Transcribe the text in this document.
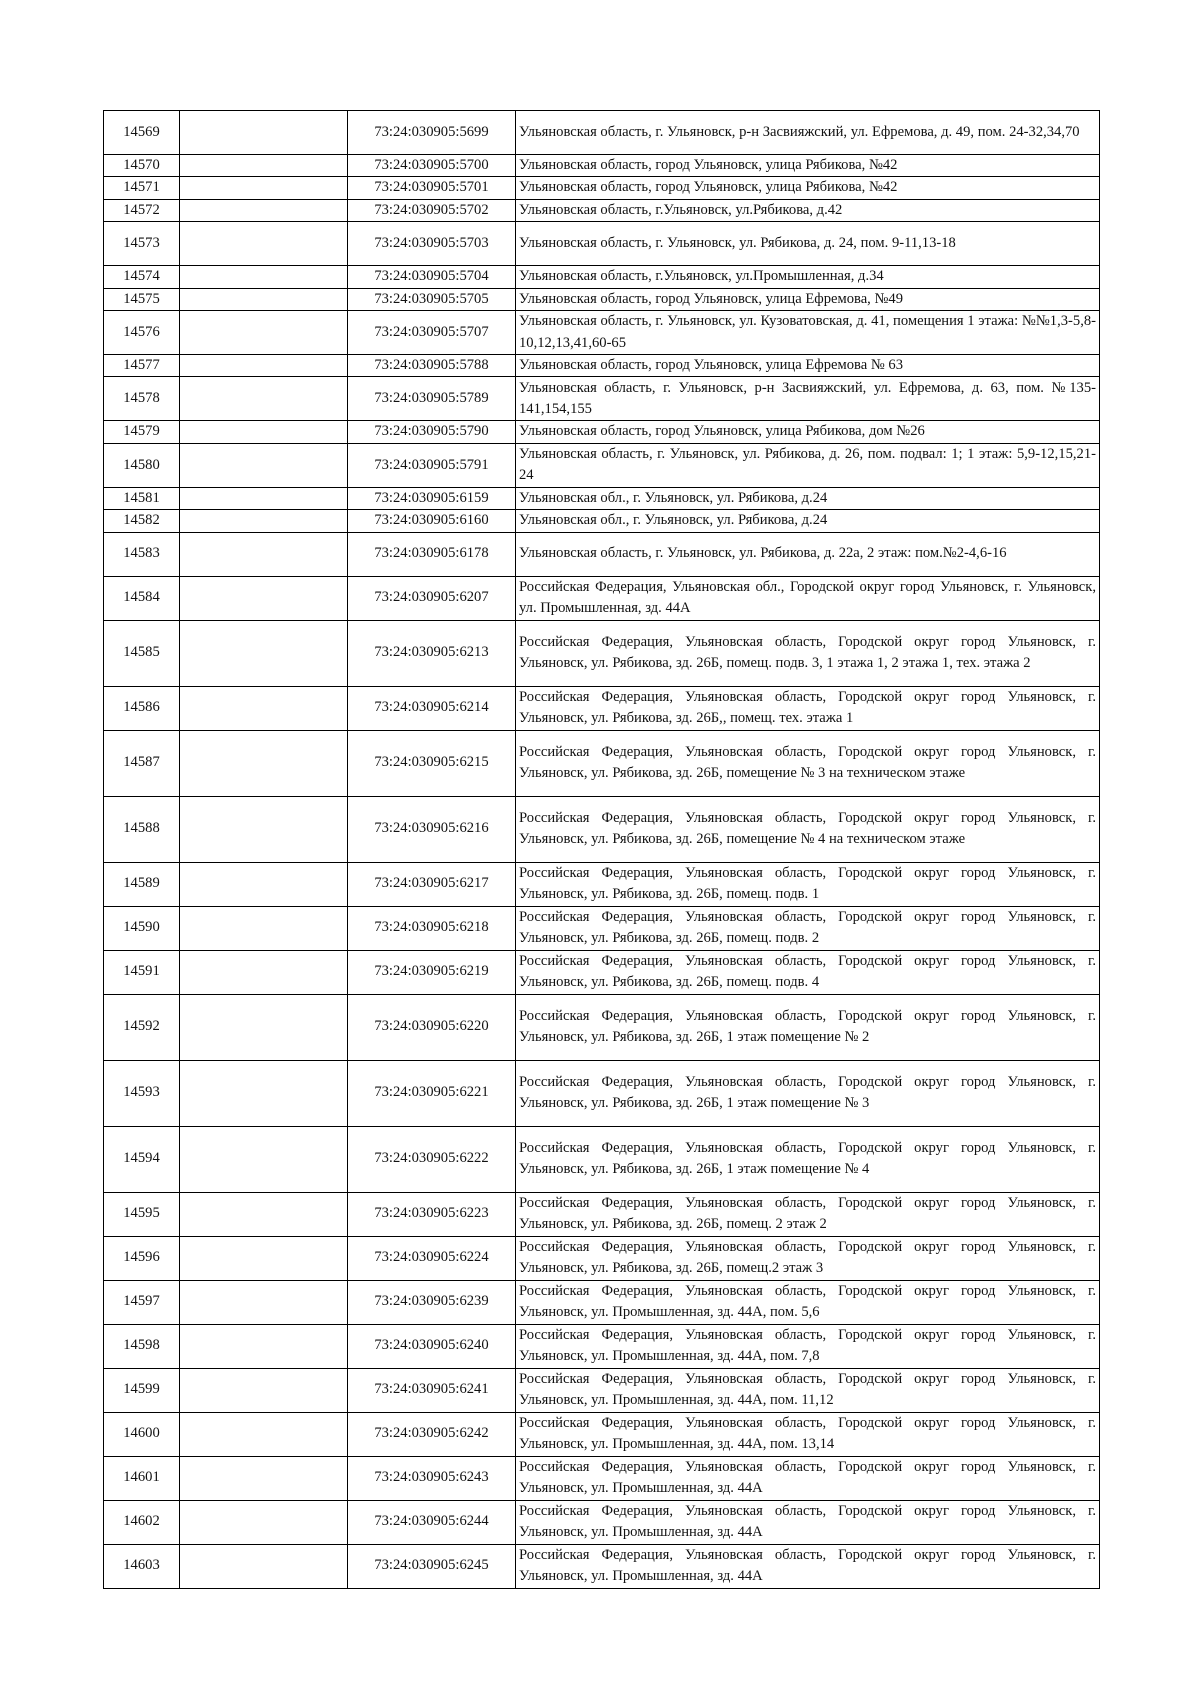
14569		73:24:030905:5699	Ульяновская область, г. Ульяновск, р-н Засвияжский, ул. Ефремова, д. 49, пом. 24-32,34,70
14570		73:24:030905:5700	Ульяновская область, город Ульяновск, улица Рябикова, №42
14571		73:24:030905:5701	Ульяновская область, город Ульяновск, улица Рябикова, №42
14572		73:24:030905:5702	Ульяновская область, г.Ульяновск, ул.Рябикова, д.42
14573		73:24:030905:5703	Ульяновская область, г. Ульяновск, ул. Рябикова, д. 24, пом. 9-11,13-18
14574		73:24:030905:5704	Ульяновская область, г.Ульяновск, ул.Промышленная, д.34
14575		73:24:030905:5705	Ульяновская область, город Ульяновск, улица Ефремова, №49
14576		73:24:030905:5707	Ульяновская область, г. Ульяновск, ул. Кузоватовская, д. 41, помещения 1 этажа: №№1,3-5,8-10,12,13,41,60-65
14577		73:24:030905:5788	Ульяновская область, город Ульяновск, улица Ефремова № 63
14578		73:24:030905:5789	Ульяновская область, г. Ульяновск, р-н Засвияжский, ул. Ефремова, д. 63, пом. №135-141,154,155
14579		73:24:030905:5790	Ульяновская область, город Ульяновск, улица Рябикова, дом №26
14580		73:24:030905:5791	Ульяновская область, г. Ульяновск, ул. Рябикова, д. 26, пом. подвал: 1; 1 этаж: 5,9-12,15,21-24
14581		73:24:030905:6159	Ульяновская обл., г. Ульяновск, ул. Рябикова, д.24
14582		73:24:030905:6160	Ульяновская обл., г. Ульяновск, ул. Рябикова, д.24
14583		73:24:030905:6178	Ульяновская область, г. Ульяновск, ул. Рябикова, д. 22а, 2 этаж: пом.№2-4,6-16
14584		73:24:030905:6207	Российская Федерация, Ульяновская обл., Городской округ город Ульяновск, г. Ульяновск, ул. Промышленная, зд. 44А
14585		73:24:030905:6213	Российская Федерация, Ульяновская область, Городской округ город Ульяновск, г. Ульяновск, ул. Рябикова, зд. 26Б, помещ. подв. 3, 1 этажа 1, 2 этажа 1, тех. этажа 2
14586		73:24:030905:6214	Российская Федерация, Ульяновская область, Городской округ город Ульяновск, г. Ульяновск, ул. Рябикова, зд. 26Б,, помещ. тех. этажа 1
14587		73:24:030905:6215	Российская Федерация, Ульяновская область, Городской округ город Ульяновск, г. Ульяновск, ул. Рябикова, зд. 26Б, помещение № 3 на техническом этаже
14588		73:24:030905:6216	Российская Федерация, Ульяновская область, Городской округ город Ульяновск, г. Ульяновск, ул. Рябикова, зд. 26Б, помещение № 4 на техническом этаже
14589		73:24:030905:6217	Российская Федерация, Ульяновская область, Городской округ город Ульяновск, г. Ульяновск, ул. Рябикова, зд. 26Б, помещ. подв. 1
14590		73:24:030905:6218	Российская Федерация, Ульяновская область, Городской округ город Ульяновск, г. Ульяновск, ул. Рябикова, зд. 26Б, помещ. подв. 2
14591		73:24:030905:6219	Российская Федерация, Ульяновская область, Городской округ город Ульяновск, г. Ульяновск, ул. Рябикова, зд. 26Б, помещ. подв. 4
14592		73:24:030905:6220	Российская Федерация, Ульяновская область, Городской округ город Ульяновск, г. Ульяновск, ул. Рябикова, зд. 26Б, 1 этаж помещение № 2
14593		73:24:030905:6221	Российская Федерация, Ульяновская область, Городской округ город Ульяновск, г. Ульяновск, ул. Рябикова, зд. 26Б, 1 этаж помещение № 3
14594		73:24:030905:6222	Российская Федерация, Ульяновская область, Городской округ город Ульяновск, г. Ульяновск, ул. Рябикова, зд. 26Б, 1 этаж помещение № 4
14595		73:24:030905:6223	Российская Федерация, Ульяновская область, Городской округ город Ульяновск, г. Ульяновск, ул. Рябикова, зд. 26Б, помещ. 2 этаж 2
14596		73:24:030905:6224	Российская Федерация, Ульяновская область, Городской округ город Ульяновск, г. Ульяновск, ул. Рябикова, зд. 26Б, помещ.2 этаж 3
14597		73:24:030905:6239	Российская Федерация, Ульяновская область, Городской округ город Ульяновск, г. Ульяновск, ул. Промышленная, зд. 44А, пом. 5,6
14598		73:24:030905:6240	Российская Федерация, Ульяновская область, Городской округ город Ульяновск, г. Ульяновск, ул. Промышленная, зд. 44А, пом. 7,8
14599		73:24:030905:6241	Российская Федерация, Ульяновская область, Городской округ город Ульяновск, г. Ульяновск, ул. Промышленная, зд. 44А, пом. 11,12
14600		73:24:030905:6242	Российская Федерация, Ульяновская область, Городской округ город Ульяновск, г. Ульяновск, ул. Промышленная, зд. 44А, пом. 13,14
14601		73:24:030905:6243	Российская Федерация, Ульяновская область, Городской округ город Ульяновск, г. Ульяновск, ул. Промышленная, зд. 44А
14602		73:24:030905:6244	Российская Федерация, Ульяновская область, Городской округ город Ульяновск, г. Ульяновск, ул. Промышленная, зд. 44А
14603		73:24:030905:6245	Российская Федерация, Ульяновская область, Городской округ город Ульяновск, г. Ульяновск, ул. Промышленная, зд. 44А
